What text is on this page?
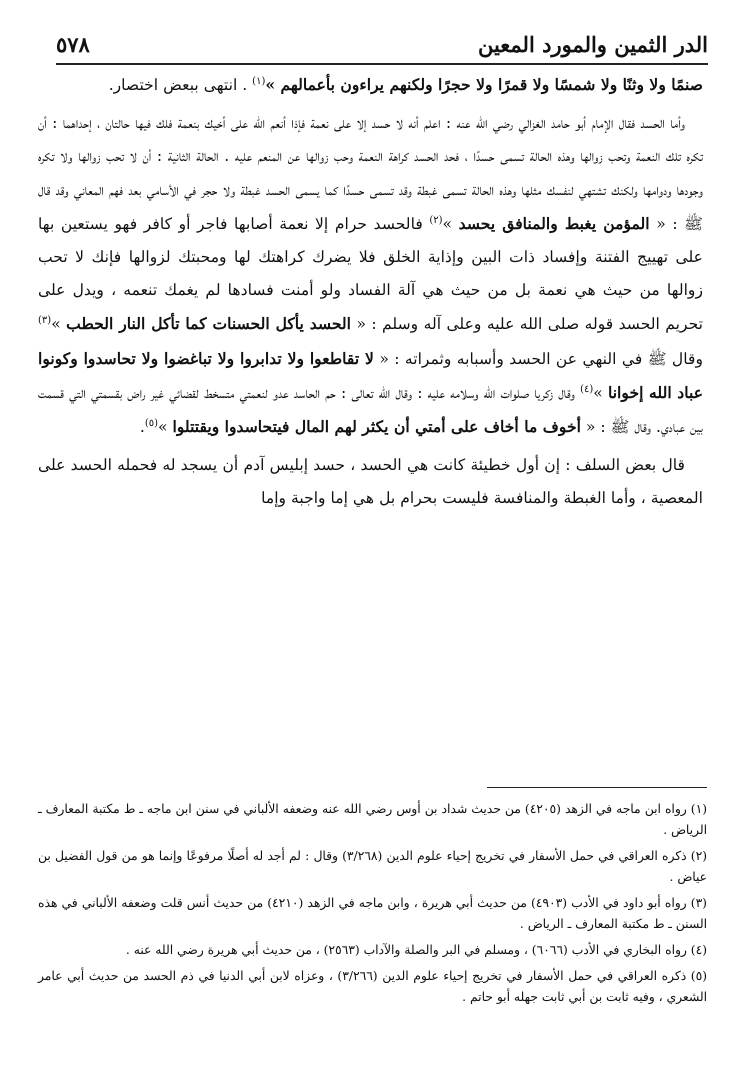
الدر الثمين والمورد المعين
٥٧٨

صنمًا ولا وثنًا ولا شمسًا ولا قمرًا ولا حجرًا ولكنهم يراءون بأعمالهم »$^{(١)}$ . انتهى ببعض اختصار.

وأما الحسد فقال الإمام أبو حامد الغزالي رضي الله عنه : اعلم أنه لا حسد إلا على نعمة فإذا أنعم الله على أخيك بنعمة فلك فيها حالتان ، إحداهما : أن تكره تلك النعمة وتحب زوالها وهذه الحالة تسمى حسدًا ، فحد الحسد كراهة النعمة وحب زوالها عن المنعم عليه . الحالة الثانية : أن لا تحب زوالها ولا تكره وجودها ودوامها ولكنك تشتهي لنفسك مثلها وهذه الحالة تسمى غبطة وقد تسمى حسدًا كما يسمى الحسد غبطة ولا حجر في الأسامي بعد فهم المعاني وقد قال ﷺ : « المؤمن يغبط والمنافق يحسد »$^{(٢)}$ فالحسد حرام إلا نعمة أصابها فاجر أو كافر فهو يستعين بها على تهييج الفتنة وإفساد ذات البين وإذاية الخلق فلا يضرك كراهتك لها ومحبتك لزوالها فإنك لا تحب زوالها من حيث هي نعمة بل من حيث هي آلة الفساد ولو أمنت فسادها لم يغمك تنعمه ، ويدل على تحريم الحسد قوله صلى الله عليه وعلى آله وسلم : « الحسد يأكل الحسنات كما تأكل النار الحطب »$^{(٣)}$ وقال ﷺ في النهي عن الحسد وأسبابه وثمراته : « لا تقاطعوا ولا تدابروا ولا تباغضوا ولا تحاسدوا وكونوا عباد الله إخوانا »$^{(٤)}$ وقال زكريا صلوات الله وسلامه عليه : وقال الله تعالى : حم الحاسد عدو لنعمتي متسخط لقضائي غير راض بقسمتي التي قسمت بين عبادي. وقال ﷺ : « أخوف ما أخاف على أمتي أن يكثر لهم المال فيتحاسدوا ويقتتلوا »$^{(٥)}$.

قال بعض السلف : إن أول خطيئة كانت هي الحسد ، حسد إبليس آدم أن يسجد له فحمله الحسد على المعصية ، وأما الغبطة والمنافسة فليست بحرام بل هي إما واجبة وإما

(١) رواه ابن ماجه في الزهد (٤٢٠٥) من حديث شداد بن أوس رضي الله عنه وضعفه الألباني في سنن ابن ماجه ـ ط مكتبة المعارف ـ الرياض .

(٢) ذكره العراقي في حمل الأسفار في تخريج إحياء علوم الدين (٣/٢٦٨) وقال : لم أجد له أصلًا مرفوعًا وإنما هو من قول الفضيل بن عياض .

(٣) رواه أبو داود في الأدب (٤٩٠٣) من حديث أبي هريرة ، وابن ماجه في الزهد (٤٢١٠) من حديث أنس قلت وضعفه الألباني في هذه السنن ـ ط مكتبة المعارف ـ الرياض .

(٤) رواه البخاري في الأدب (٦٠٦٦) ، ومسلم في البر والصلة والآداب (٢٥٦٣) ، من حديث أبي هريرة رضي الله عنه .

(٥) ذكره العراقي في حمل الأسفار في تخريج إحياء علوم الدين (٣/٢٦٦) ، وعزاه لابن أبي الدنيا في ذم الحسد من حديث أبي عامر الشعري ، وفيه ثابت بن أبي ثابت جهله أبو حاتم .
